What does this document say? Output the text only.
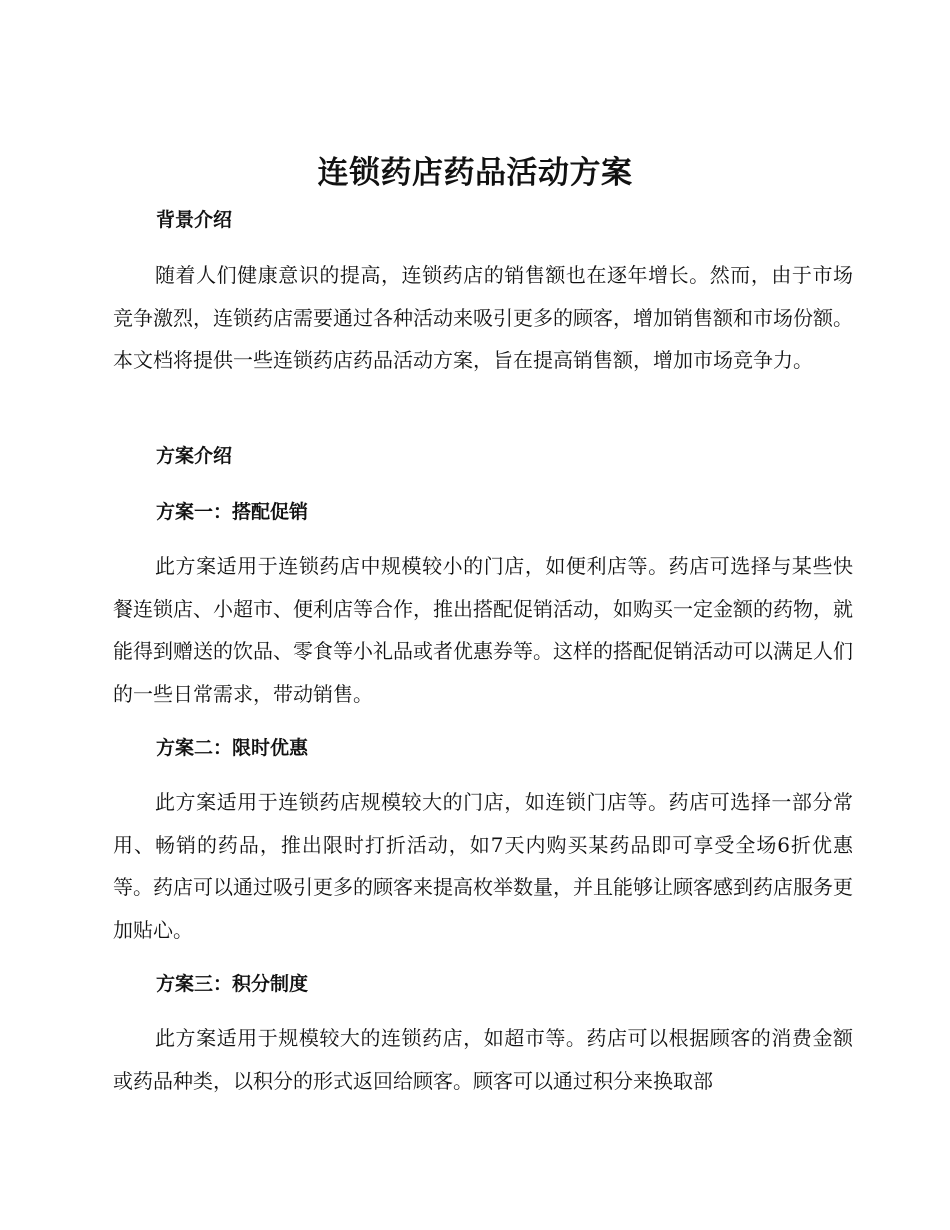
连锁药店药品活动方案
背景介绍

随着人们健康意识的提高，连锁药店的销售额也在逐年增长。然而，由于市场竞争激烈，连锁药店需要通过各种活动来吸引更多的顾客，增加销售额和市场份额。本文档将提供一些连锁药店药品活动方案，旨在提高销售额，增加市场竞争力。

方案介绍
方案一：搭配促销

此方案适用于连锁药店中规模较小的门店，如便利店等。药店可选择与某些快餐连锁店、小超市、便利店等合作，推出搭配促销活动，如购买一定金额的药物，就能得到赠送的饮品、零食等小礼品或者优惠券等。这样的搭配促销活动可以满足人们的一些日常需求，带动销售。

方案二：限时优惠

此方案适用于连锁药店规模较大的门店，如连锁门店等。药店可选择一部分常用、畅销的药品，推出限时打折活动，如7天内购买某药品即可享受全场6折优惠等。药店可以通过吸引更多的顾客来提高枚举数量，并且能够让顾客感到药店服务更加贴心。

方案三：积分制度

此方案适用于规模较大的连锁药店，如超市等。药店可以根据顾客的消费金额或药品种类，以积分的形式返回给顾客。顾客可以通过积分来换取部
